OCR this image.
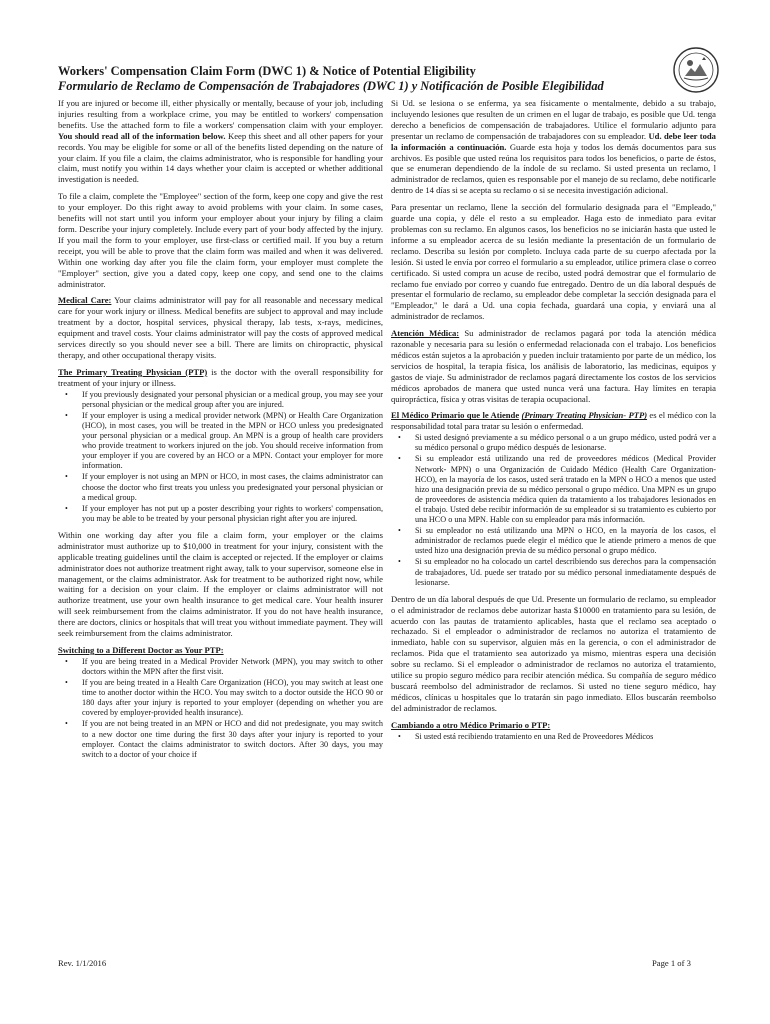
Workers' Compensation Claim Form (DWC 1) & Notice of Potential Eligibility
Formulario de Reclamo de Compensación de Trabajadores (DWC 1) y Notificación de Posible Elegibilidad

If you are injured or become ill, either physically or mentally, because of your job, including injuries resulting from a workplace crime, you may be entitled to workers' compensation benefits. Use the attached form to file a workers' compensation claim with your employer. You should read all of the information below. Keep this sheet and all other papers for your records. You may be eligible for some or all of the benefits listed depending on the nature of your claim. If you file a claim, the claims administrator, who is responsible for handling your claim, must notify you within 14 days whether your claim is accepted or whether additional investigation is needed.

To file a claim, complete the "Employee" section of the form, keep one copy and give the rest to your employer. Do this right away to avoid problems with your claim. In some cases, benefits will not start until you inform your employer about your injury by filing a claim form. Describe your injury completely. Include every part of your body affected by the injury. If you mail the form to your employer, use first-class or certified mail. If you buy a return receipt, you will be able to prove that the claim form was mailed and when it was delivered. Within one working day after you file the claim form, your employer must complete the "Employer" section, give you a dated copy, keep one copy, and send one to the claims administrator.

Medical Care: Your claims administrator will pay for all reasonable and necessary medical care for your work injury or illness. Medical benefits are subject to approval and may include treatment by a doctor, hospital services, physical therapy, lab tests, x-rays, medicines, equipment and travel costs. Your claims administrator will pay the costs of approved medical services directly so you should never see a bill. There are limits on chiropractic, physical therapy, and other occupational therapy visits.

The Primary Treating Physician (PTP) is the doctor with the overall responsibility for treatment of your injury or illness.

• If you previously designated your personal physician or a medical group, you may see your personal physician or the medical group after you are injured.
• If your employer is using a medical provider network (MPN) or Health Care Organization (HCO), in most cases, you will be treated in the MPN or HCO unless you predesignated your personal physician or a medical group. An MPN is a group of health care providers who provide treatment to workers injured on the job. You should receive information from your employer if you are covered by an HCO or a MPN. Contact your employer for more information.
• If your employer is not using an MPN or HCO, in most cases, the claims administrator can choose the doctor who first treats you unless you predesignated your personal physician or a medical group.
• If your employer has not put up a poster describing your rights to workers' compensation, you may be able to be treated by your personal physician right after you are injured.

Within one working day after you file a claim form, your employer or the claims administrator must authorize up to $10,000 in treatment for your injury, consistent with the applicable treating guidelines until the claim is accepted or rejected. If the employer or claims administrator does not authorize treatment right away, talk to your supervisor, someone else in management, or the claims administrator. Ask for treatment to be authorized right now, while waiting for a decision on your claim. If the employer or claims administrator will not authorize treatment, use your own health insurance to get medical care. Your health insurer will seek reimbursement from the claims administrator. If you do not have health insurance, there are doctors, clinics or hospitals that will treat you without immediate payment. They will seek reimbursement from the claims administrator.

Switching to a Different Doctor as Your PTP:
• If you are being treated in a Medical Provider Network (MPN), you may switch to other doctors within the MPN after the first visit.
• If you are being treated in a Health Care Organization (HCO), you may switch at least one time to another doctor within the HCO. You may switch to a doctor outside the HCO 90 or 180 days after your injury is reported to your employer (depending on whether you are covered by employer-provided health insurance).
• If you are not being treated in an MPN or HCO and did not predesignate, you may switch to a new doctor one time during the first 30 days after your injury is reported to your employer. Contact the claims administrator to switch doctors. After 30 days, you may switch to a doctor of your choice if

Si Ud. se lesiona o se enferma, ya sea físicamente o mentalmente, debido a su trabajo, incluyendo lesiones que resulten de un crimen en el lugar de trabajo, es posible que Ud. tenga derecho a beneficios de compensación de trabajadores. Utilice el formulario adjunto para presentar un reclamo de compensación de trabajadores con su empleador. Ud. debe leer toda la información a continuación. Guarde esta hoja y todos los demás documentos para sus archivos. Es posible que usted reúna los requisitos para todos los beneficios, o parte de éstos, que se enumeran dependiendo de la índole de su reclamo. Si usted presenta un reclamo, l administrador de reclamos, quien es responsable por el manejo de su reclamo, debe notificarle dentro de 14 días si se acepta su reclamo o si se necesita investigación adicional.

Para presentar un reclamo, llene la sección del formulario designada para el "Empleado," guarde una copia, y déle el resto a su empleador. Haga esto de inmediato para evitar problemas con su reclamo. En algunos casos, los beneficios no se iniciarán hasta que usted le informe a su empleador acerca de su lesión mediante la presentación de un formulario de reclamo. Describa su lesión por completo. Incluya cada parte de su cuerpo afectada por la lesión. Si usted le envía por correo el formulario a su empleador, utilice primera clase o correo certificado. Si usted compra un acuse de recibo, usted podrá demostrar que el formulario de reclamo fue enviado por correo y cuando fue entregado. Dentro de un día laboral después de presentar el formulario de reclamo, su empleador debe completar la sección designada para el "Empleador," le dará a Ud. una copia fechada, guardará una copia, y enviará una al administrador de reclamos.

Atención Médica: Su administrador de reclamos pagará por toda la atención médica razonable y necesaria para su lesión o enfermedad relacionada con el trabajo. Los beneficios médicos están sujetos a la aprobación y pueden incluir tratamiento por parte de un médico, los servicios de hospital, la terapia física, los análisis de laboratorio, las medicinas, equipos y gastos de viaje. Su administrador de reclamos pagará directamente los costos de los servicios médicos aprobados de manera que usted nunca verá una factura. Hay límites en terapia quiropráctica, física y otras visitas de terapia ocupacional.

El Médico Primario que le Atiende (Primary Treating Physician- PTP) es el médico con la responsabilidad total para tratar su lesión o enfermedad.

• Si usted designó previamente a su médico personal o a un grupo médico, usted podrá ver a su médico personal o grupo médico después de lesionarse.
• Si su empleador está utilizando una red de proveedores médicos (Medical Provider Network- MPN) o una Organización de Cuidado Médico (Health Care Organization- HCO), en la mayoría de los casos, usted será tratado en la MPN o HCO a menos que usted hizo una designación previa de su médico personal o grupo médico. Una MPN es un grupo de proveedores de asistencia médica quien da tratamiento a los trabajadores lesionados en el trabajo. Usted debe recibir información de su empleador si su tratamiento es cubierto por una HCO o una MPN. Hable con su empleador para más información.
• Si su empleador no está utilizando una MPN o HCO, en la mayoría de los casos, el administrador de reclamos puede elegir el médico que le atiende primero a menos de que usted hizo una designación previa de su médico personal o grupo médico.
• Si su empleador no ha colocado un cartel describiendo sus derechos para la compensación de trabajadores, Ud. puede ser tratado por su médico personal inmediatamente después de lesionarse.

Dentro de un día laboral después de que Ud. Presente un formulario de reclamo, su empleador o el administrador de reclamos debe autorizar hasta $10000 en tratamiento para su lesión, de acuerdo con las pautas de tratamiento aplicables, hasta que el reclamo sea aceptado o rechazado. Si el empleador o administrador de reclamos no autoriza el tratamiento de inmediato, hable con su supervisor, alguien más en la gerencia, o con el administrador de reclamos. Pida que el tratamiento sea autorizado ya mismo, mientras espera una decisión sobre su reclamo. Si el empleador o administrador de reclamos no autoriza el tratamiento, utilice su propio seguro médico para recibir atención médica. Su compañía de seguro médico buscará reembolso del administrador de reclamos. Si usted no tiene seguro médico, hay médicos, clínicas u hospitales que lo tratarán sin pago inmediato. Ellos buscarán reembolso del administrador de reclamos.

Cambiando a otro Médico Primario o PTP:
• Si usted está recibiendo tratamiento en una Red de Proveedores Médicos
Rev. 1/1/2016	Page 1 of 3
